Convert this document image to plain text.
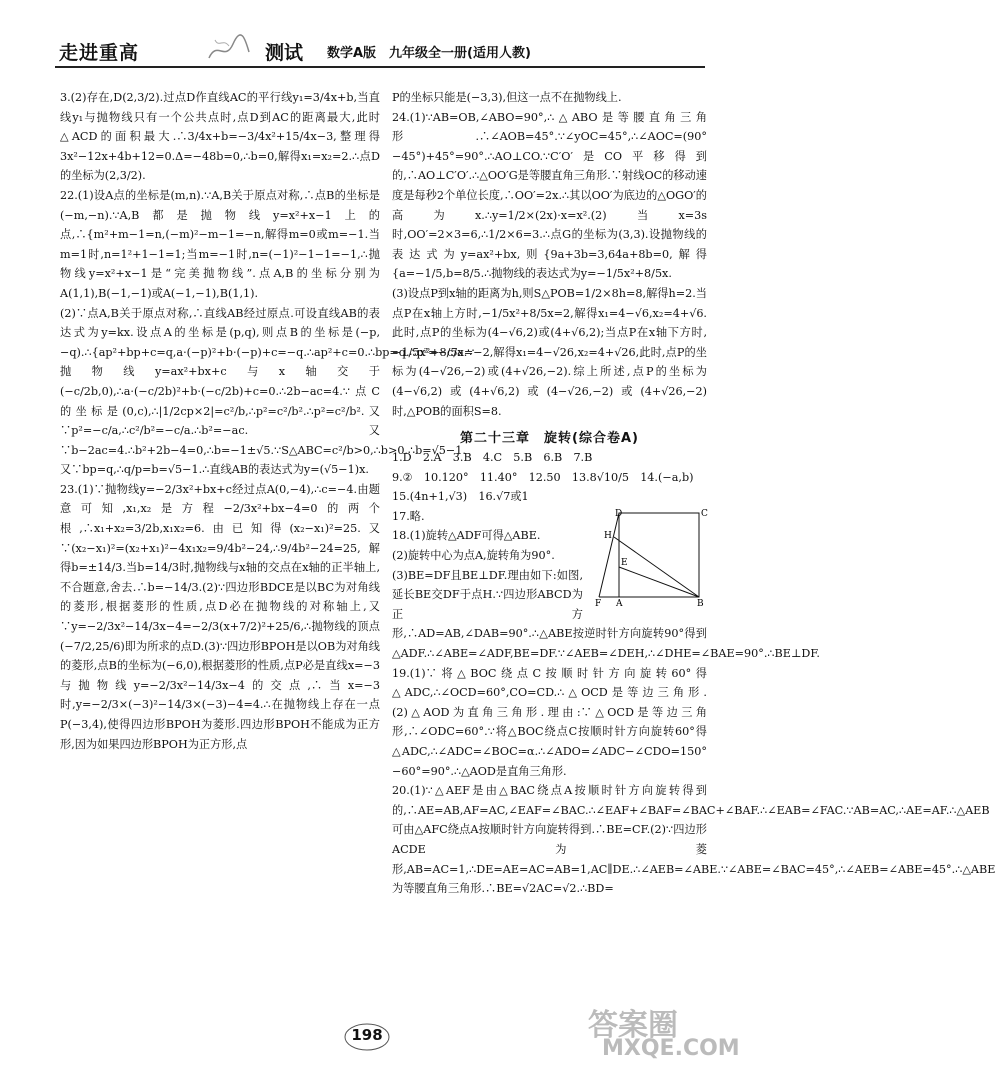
走进重高	测试 数学A版　九年级全一册(适用人教)

3.(2)存在,D(2,3/2).过点D作直线AC的平行线y₁=3/4x+b,当直线y₁与抛物线只有一个公共点时,点D到AC的距离最大,此时△ACD的面积最大.∴3/4x+b=−3/4x²+15/4x−3,整理得3x²−12x+4b+12=0.Δ=−48b=0,∴b=0,解得x₁=x₂=2.∴点D的坐标为(2,3/2).

22.(1)设A点的坐标是(m,n).∵A,B关于原点对称,∴点B的坐标是(−m,−n).∵A,B都是抛物线y=x²+x−1上的点,∴{m²+m−1=n,(−m)²−m−1=−n,解得m=0或m=−1.当m=1时,n=1²+1−1=1;当m=−1时,n=(−1)²−1−1=−1,∴抛物线y=x²+x−1是“完美抛物线”.点A,B的坐标分别为A(1,1),B(−1,−1)或A(−1,−1),B(1,1).

(2)∵点A,B关于原点对称,∴直线AB经过原点.可设直线AB的表达式为y=kx.设点A的坐标是(p,q),则点B的坐标是(−p,−q).∴{ap²+bp+c=q,a·(−p)²+b·(−p)+c=−q.∴ap²+c=0.∴bp=q.∴p²=−c/a.∵抛物线y=ax²+bx+c与x轴交于(−c/2b,0),∴a·(−c/2b)²+b·(−c/2b)+c=0.∴2b−ac=4.∵点C的坐标是(0,c),∴|1/2cp×2|=c²/b,∴p²=c²/b².∴p²=c²/b².又∵p²=−c/a,∴c²/b²=−c/a.∴b²=−ac.又∵b−2ac=4.∴b²+2b−4=0,∴b=−1±√5.∵S△ABC=c²/b>0,∴b>0.∴b=√5−1.又∵bp=q,∴q/p=b=√5−1.∴直线AB的表达式为y=(√5−1)x.

23.(1)∵抛物线y=−2/3x²+bx+c经过点A(0,−4),∴c=−4.由题意可知,x₁,x₂是方程−2/3x²+bx−4=0的两个根,∴x₁+x₂=3/2b,x₁x₂=6.由已知得(x₂−x₁)²=25.又∵(x₂−x₁)²=(x₂+x₁)²−4x₁x₂=9/4b²−24,∴9/4b²−24=25,解得b=±14/3.当b=14/3时,抛物线与x轴的交点在x轴的正半轴上,不合题意,舍去.∴b=−14/3.(2)∵四边形BDCE是以BC为对角线的菱形,根据菱形的性质,点D必在抛物线的对称轴上,又∵y=−2/3x²−14/3x−4=−2/3(x+7/2)²+25/6,∴抛物线的顶点(−7/2,25/6)即为所求的点D.(3)∵四边形BPOH是以OB为对角线的菱形,点B的坐标为(−6,0),根据菱形的性质,点P必是直线x=−3与抛物线y=−2/3x²−14/3x−4的交点,∴当x=−3时,y=−2/3×(−3)²−14/3×(−3)−4=4.∴在抛物线上存在一点P(−3,4),使得四边形BPOH为菱形.四边形BPOH不能成为正方形,因为如果四边形BPOH为正方形,点

P的坐标只能是(−3,3),但这一点不在抛物线上.

24.(1)∵AB=OB,∠ABO=90°,∴△ABO是等腰直角三角形.∴∠AOB=45°.∵∠yOC=45°,∴∠AOC=(90°−45°)+45°=90°.∴AO⊥CO.∵C′O′是CO平移得到的,∴AO⊥C′O′.∴△OO′G是等腰直角三角形.∵射线OC的移动速度是每秒2个单位长度,∴OO′=2x.∴其以OO′为底边的△OGO′的高为x.∴y=1/2×(2x)·x=x².(2)当x=3s时,OO′=2×3=6,∴1/2×6=3.∴点G的坐标为(3,3).设抛物线的表达式为y=ax²+bx,则{9a+3b=3,64a+8b=0,解得{a=−1/5,b=8/5.∴抛物线的表达式为y=−1/5x²+8/5x.

(3)设点P到x轴的距离为h,则S△POB=1/2×8h=8,解得h=2.当点P在x轴上方时,−1/5x²+8/5x=2,解得x₁=4−√6,x₂=4+√6.此时,点P的坐标为(4−√6,2)或(4+√6,2);当点P在x轴下方时,−1/5x²+8/5x=−2,解得x₁=4−√26,x₂=4+√26,此时,点P的坐标为(4−√26,−2)或(4+√26,−2).综上所述,点P的坐标为(4−√6,2)或(4+√6,2)或(4−√26,−2)或(4+√26,−2)时,△POB的面积S=8.

第二十三章　旋转(综合卷A)
1.D　2.A　3.B　4.C　5.B　6.B　7.B
9.②　10.120°　11.40°　12.50　13.8√10/5　14.(−a,b)
15.(4n+1,√3)　16.√7或1
D	C
H
E
F A	B
17.略.

18.(1)旋转△ADF可得△ABE.

(2)旋转中心为点A,旋转角为90°.

(3)BE=DF且BE⊥DF.理由如下:如图,延长BE交DF于点H.∵四边形ABCD为正方形,∴AD=AB,∠DAB=90°.∴△ABE按逆时针方向旋转90°得到△ADF.∴∠ABE=∠ADF,BE=DF.∵∠AEB=∠DEH,∴∠DHE=∠BAE=90°.∴BE⊥DF.

19.(1)∵将△BOC绕点C按顺时针方向旋转60°得△ADC,∴∠OCD=60°,CO=CD.∴△OCD是等边三角形.(2)△AOD为直角三角形.理由:∵△OCD是等边三角形,∴∠ODC=60°.∵将△BOC绕点C按顺时针方向旋转60°得△ADC,∴∠ADC=∠BOC=α.∴∠ADO=∠ADC−∠CDO=150°−60°=90°.∴△AOD是直角三角形.

20.(1)∵△AEF是由△BAC绕点A按顺时针方向旋转得到的,∴AE=AB,AF=AC,∠EAF=∠BAC.∴∠EAF+∠BAF=∠BAC+∠BAF.∴∠EAB=∠FAC.∵AB=AC,∴AE=AF.∴△AEB可由△AFC绕点A按顺时针方向旋转得到.∴BE=CF.(2)∵四边形ACDE为菱形,AB=AC=1,∴DE=AE=AC=AB=1,AC∥DE.∴∠AEB=∠ABE.∵∠ABE=∠BAC=45°,∴∠AEB=∠ABE=45°.∴△ABE为等腰直角三角形.∴BE=√2AC=√2.∴BD=

198	答案圈
MXQE.COM
